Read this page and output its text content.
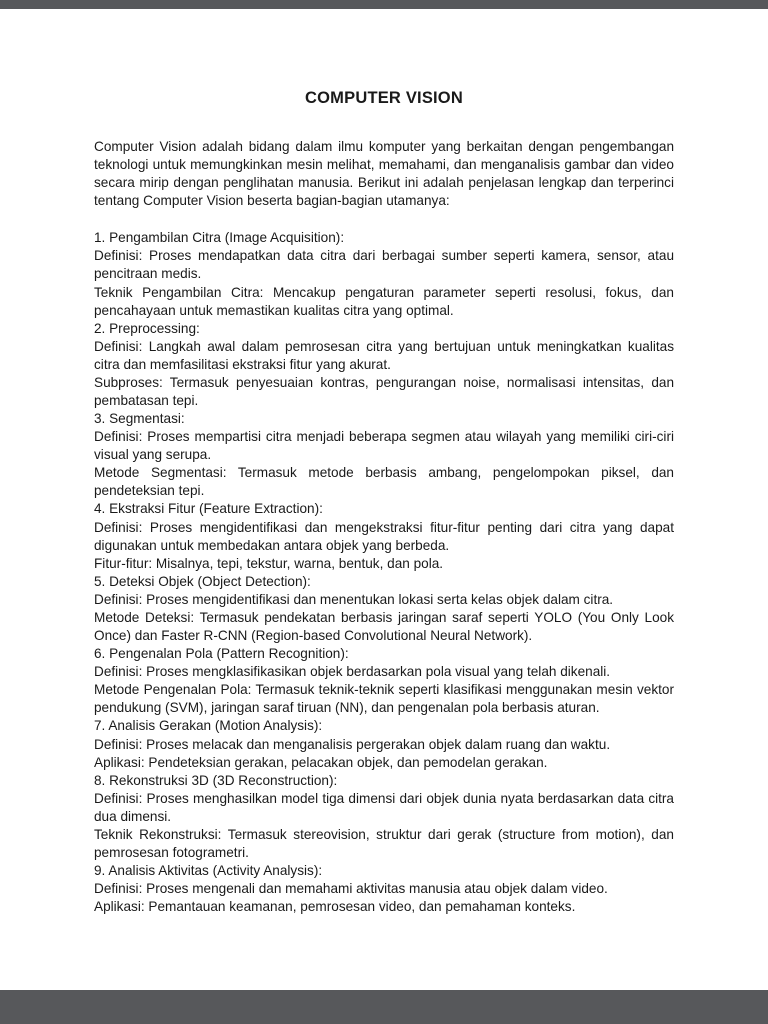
COMPUTER VISION

Computer Vision adalah bidang dalam ilmu komputer yang berkaitan dengan pengembangan teknologi untuk memungkinkan mesin melihat, memahami, dan menganalisis gambar dan video secara mirip dengan penglihatan manusia. Berikut ini adalah penjelasan lengkap dan terperinci tentang Computer Vision beserta bagian-bagian utamanya:

1. Pengambilan Citra (Image Acquisition):
Definisi: Proses mendapatkan data citra dari berbagai sumber seperti kamera, sensor, atau pencitraan medis.
Teknik Pengambilan Citra: Mencakup pengaturan parameter seperti resolusi, fokus, dan pencahayaan untuk memastikan kualitas citra yang optimal.
2. Preprocessing:
Definisi: Langkah awal dalam pemrosesan citra yang bertujuan untuk meningkatkan kualitas citra dan memfasilitasi ekstraksi fitur yang akurat.
Subproses: Termasuk penyesuaian kontras, pengurangan noise, normalisasi intensitas, dan pembatasan tepi.
3. Segmentasi:
Definisi: Proses mempartisi citra menjadi beberapa segmen atau wilayah yang memiliki ciri-ciri visual yang serupa.
Metode Segmentasi: Termasuk metode berbasis ambang, pengelompokan piksel, dan pendeteksian tepi.
4. Ekstraksi Fitur (Feature Extraction):
Definisi: Proses mengidentifikasi dan mengekstraksi fitur-fitur penting dari citra yang dapat digunakan untuk membedakan antara objek yang berbeda.
Fitur-fitur: Misalnya, tepi, tekstur, warna, bentuk, dan pola.
5. Deteksi Objek (Object Detection):
Definisi: Proses mengidentifikasi dan menentukan lokasi serta kelas objek dalam citra.
Metode Deteksi: Termasuk pendekatan berbasis jaringan saraf seperti YOLO (You Only Look Once) dan Faster R-CNN (Region-based Convolutional Neural Network).
6. Pengenalan Pola (Pattern Recognition):
Definisi: Proses mengklasifikasikan objek berdasarkan pola visual yang telah dikenali.
Metode Pengenalan Pola: Termasuk teknik-teknik seperti klasifikasi menggunakan mesin vektor pendukung (SVM), jaringan saraf tiruan (NN), dan pengenalan pola berbasis aturan.
7. Analisis Gerakan (Motion Analysis):
Definisi: Proses melacak dan menganalisis pergerakan objek dalam ruang dan waktu.
Aplikasi: Pendeteksian gerakan, pelacakan objek, dan pemodelan gerakan.
8. Rekonstruksi 3D (3D Reconstruction):
Definisi: Proses menghasilkan model tiga dimensi dari objek dunia nyata berdasarkan data citra dua dimensi.
Teknik Rekonstruksi: Termasuk stereovision, struktur dari gerak (structure from motion), dan pemrosesan fotogrametri.
9. Analisis Aktivitas (Activity Analysis):
Definisi: Proses mengenali dan memahami aktivitas manusia atau objek dalam video.
Aplikasi: Pemantauan keamanan, pemrosesan video, dan pemahaman konteks.
